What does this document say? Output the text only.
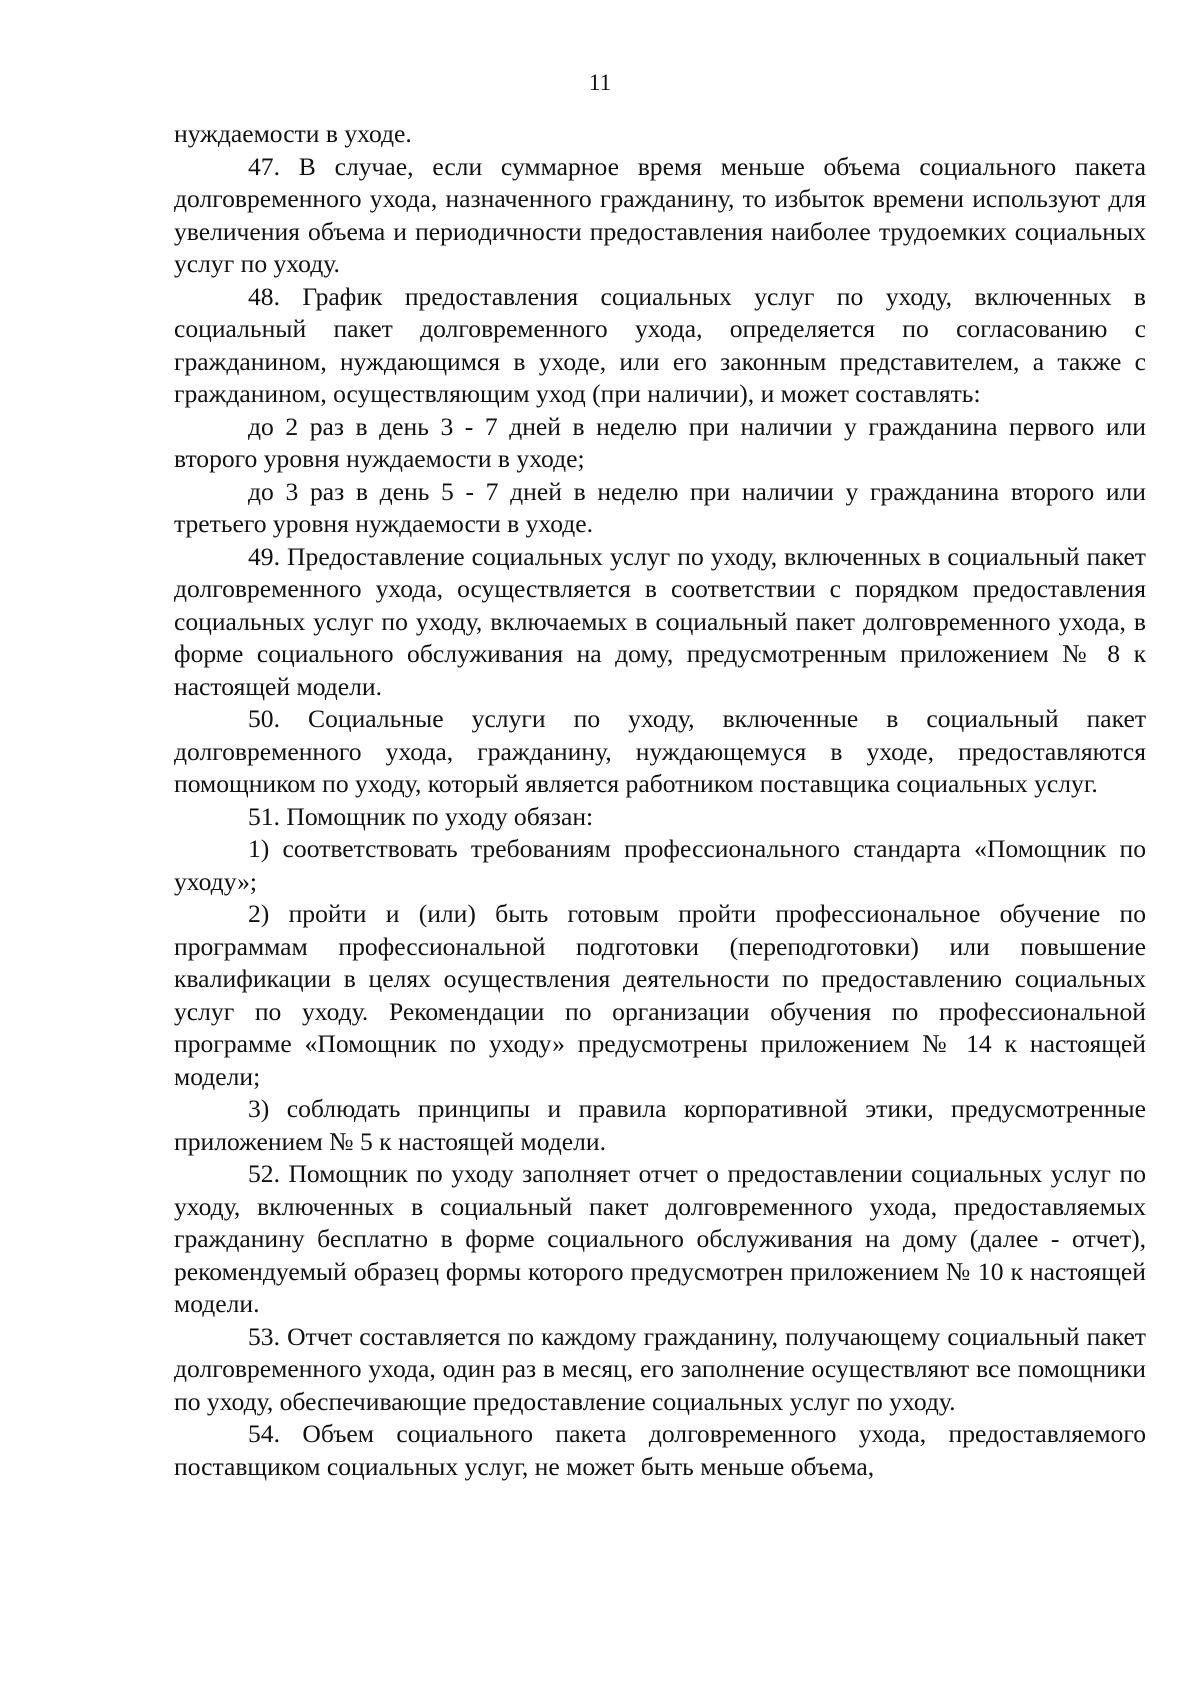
11

нуждаемости в уходе.

47. В случае, если суммарное время меньше объема социального пакета долговременного ухода, назначенного гражданину, то избыток времени используют для увеличения объема и периодичности предоставления наиболее трудоемких социальных услуг по уходу.

48. График предоставления социальных услуг по уходу, включенных в социальный пакет долговременного ухода, определяется по согласованию с гражданином, нуждающимся в уходе, или его законным представителем, а также с гражданином, осуществляющим уход (при наличии), и может составлять:

до 2 раз в день 3 - 7 дней в неделю при наличии у гражданина первого или второго уровня нуждаемости в уходе;

до 3 раз в день 5 - 7 дней в неделю при наличии у гражданина второго или третьего уровня нуждаемости в уходе.

49. Предоставление социальных услуг по уходу, включенных в социальный пакет долговременного ухода, осуществляется в соответствии с порядком предоставления социальных услуг по уходу, включаемых в социальный пакет долговременного ухода, в форме социального обслуживания на дому, предусмотренным приложением № 8 к настоящей модели.

50. Социальные услуги по уходу, включенные в социальный пакет долговременного ухода, гражданину, нуждающемуся в уходе, предоставляются помощником по уходу, который является работником поставщика социальных услуг.

51. Помощник по уходу обязан:

1) соответствовать требованиям профессионального стандарта «Помощник по уходу»;

2) пройти и (или) быть готовым пройти профессиональное обучение по программам профессиональной подготовки (переподготовки) или повышение квалификации в целях осуществления деятельности по предоставлению социальных услуг по уходу. Рекомендации по организации обучения по профессиональной программе «Помощник по уходу» предусмотрены приложением № 14 к настоящей модели;

3) соблюдать принципы и правила корпоративной этики, предусмотренные приложением № 5 к настоящей модели.

52. Помощник по уходу заполняет отчет о предоставлении социальных услуг по уходу, включенных в социальный пакет долговременного ухода, предоставляемых гражданину бесплатно в форме социального обслуживания на дому (далее - отчет), рекомендуемый образец формы которого предусмотрен приложением № 10 к настоящей модели.

53. Отчет составляется по каждому гражданину, получающему социальный пакет долговременного ухода, один раз в месяц, его заполнение осуществляют все помощники по уходу, обеспечивающие предоставление социальных услуг по уходу.

54. Объем социального пакета долговременного ухода, предоставляемого поставщиком социальных услуг, не может быть меньше объема,
